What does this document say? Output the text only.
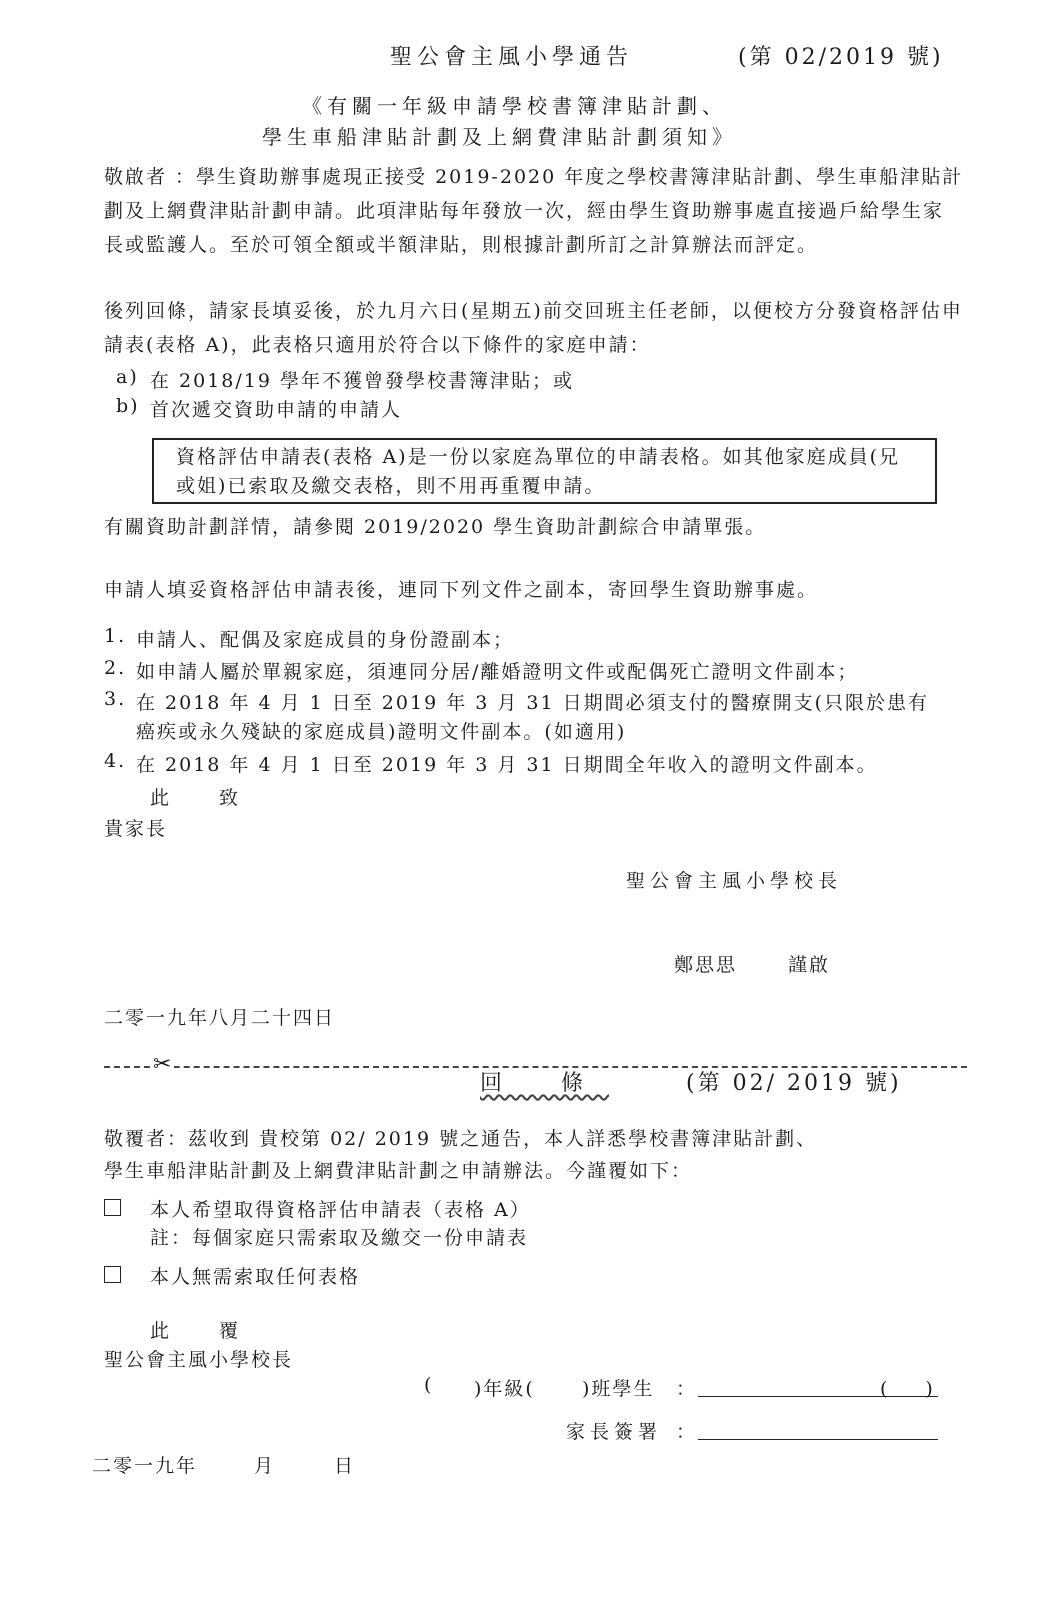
聖公會主風小學通告	(第 02/2019 號)
《有關一年級申請學校書簿津貼計劃、
學生車船津貼計劃及上網費津貼計劃須知》
敬啟者 ：學生資助辦事處現正接受 2019-2020 年度之學校書簿津貼計劃、學生車船津貼計劃及上網費津貼計劃申請。此項津貼每年發放一次，經由學生資助辦事處直接過戶給學生家長或監護人。至於可領全額或半額津貼，則根據計劃所訂之計算辦法而評定。
後列回條，請家長填妥後，於九月六日(星期五)前交回班主任老師，以便校方分發資格評估申請表(表格 A)，此表格只適用於符合以下條件的家庭申請：
a) 在 2018/19 學年不獲曾發學校書簿津貼；或
b) 首次遞交資助申請的申請人
資格評估申請表(表格 A)是一份以家庭為單位的申請表格。如其他家庭成員(兄或姐)已索取及繳交表格，則不用再重覆申請。
有關資助計劃詳情，請參閱 2019/2020 學生資助計劃綜合申請單張。
申請人填妥資格評估申請表後，連同下列文件之副本，寄回學生資助辦事處。
1. 申請人、配偶及家庭成員的身份證副本；
2. 如申請人屬於單親家庭，須連同分居/離婚證明文件或配偶死亡證明文件副本；
3. 在 2018 年 4 月 1 日至 2019 年 3 月 31 日期間必須支付的醫療開支(只限於患有
癌疾或永久殘缺的家庭成員)證明文件副本。(如適用)
4. 在 2018 年 4 月 1 日至 2019 年 3 月 31 日期間全年收入的證明文件副本。
此 致
貴家長
聖公會主風小學校長
鄭思思	謹啟
二零一九年八月二十四日
✂
回 條	(第 02/ 2019 號)
敬覆者：茲收到 貴校第 02/ 2019 號之通告，本人詳悉學校書簿津貼計劃、
學生車船津貼計劃及上網費津貼計劃之申請辦法。今謹覆如下：
本人希望取得資格評估申請表（表格 A）
註：每個家庭只需索取及繳交一份申請表
本人無需索取任何表格
此 覆
聖公會主風小學校長
( )年級( )班學生 ：	(　　)
家長簽署 ：
二零一九年	月	日
